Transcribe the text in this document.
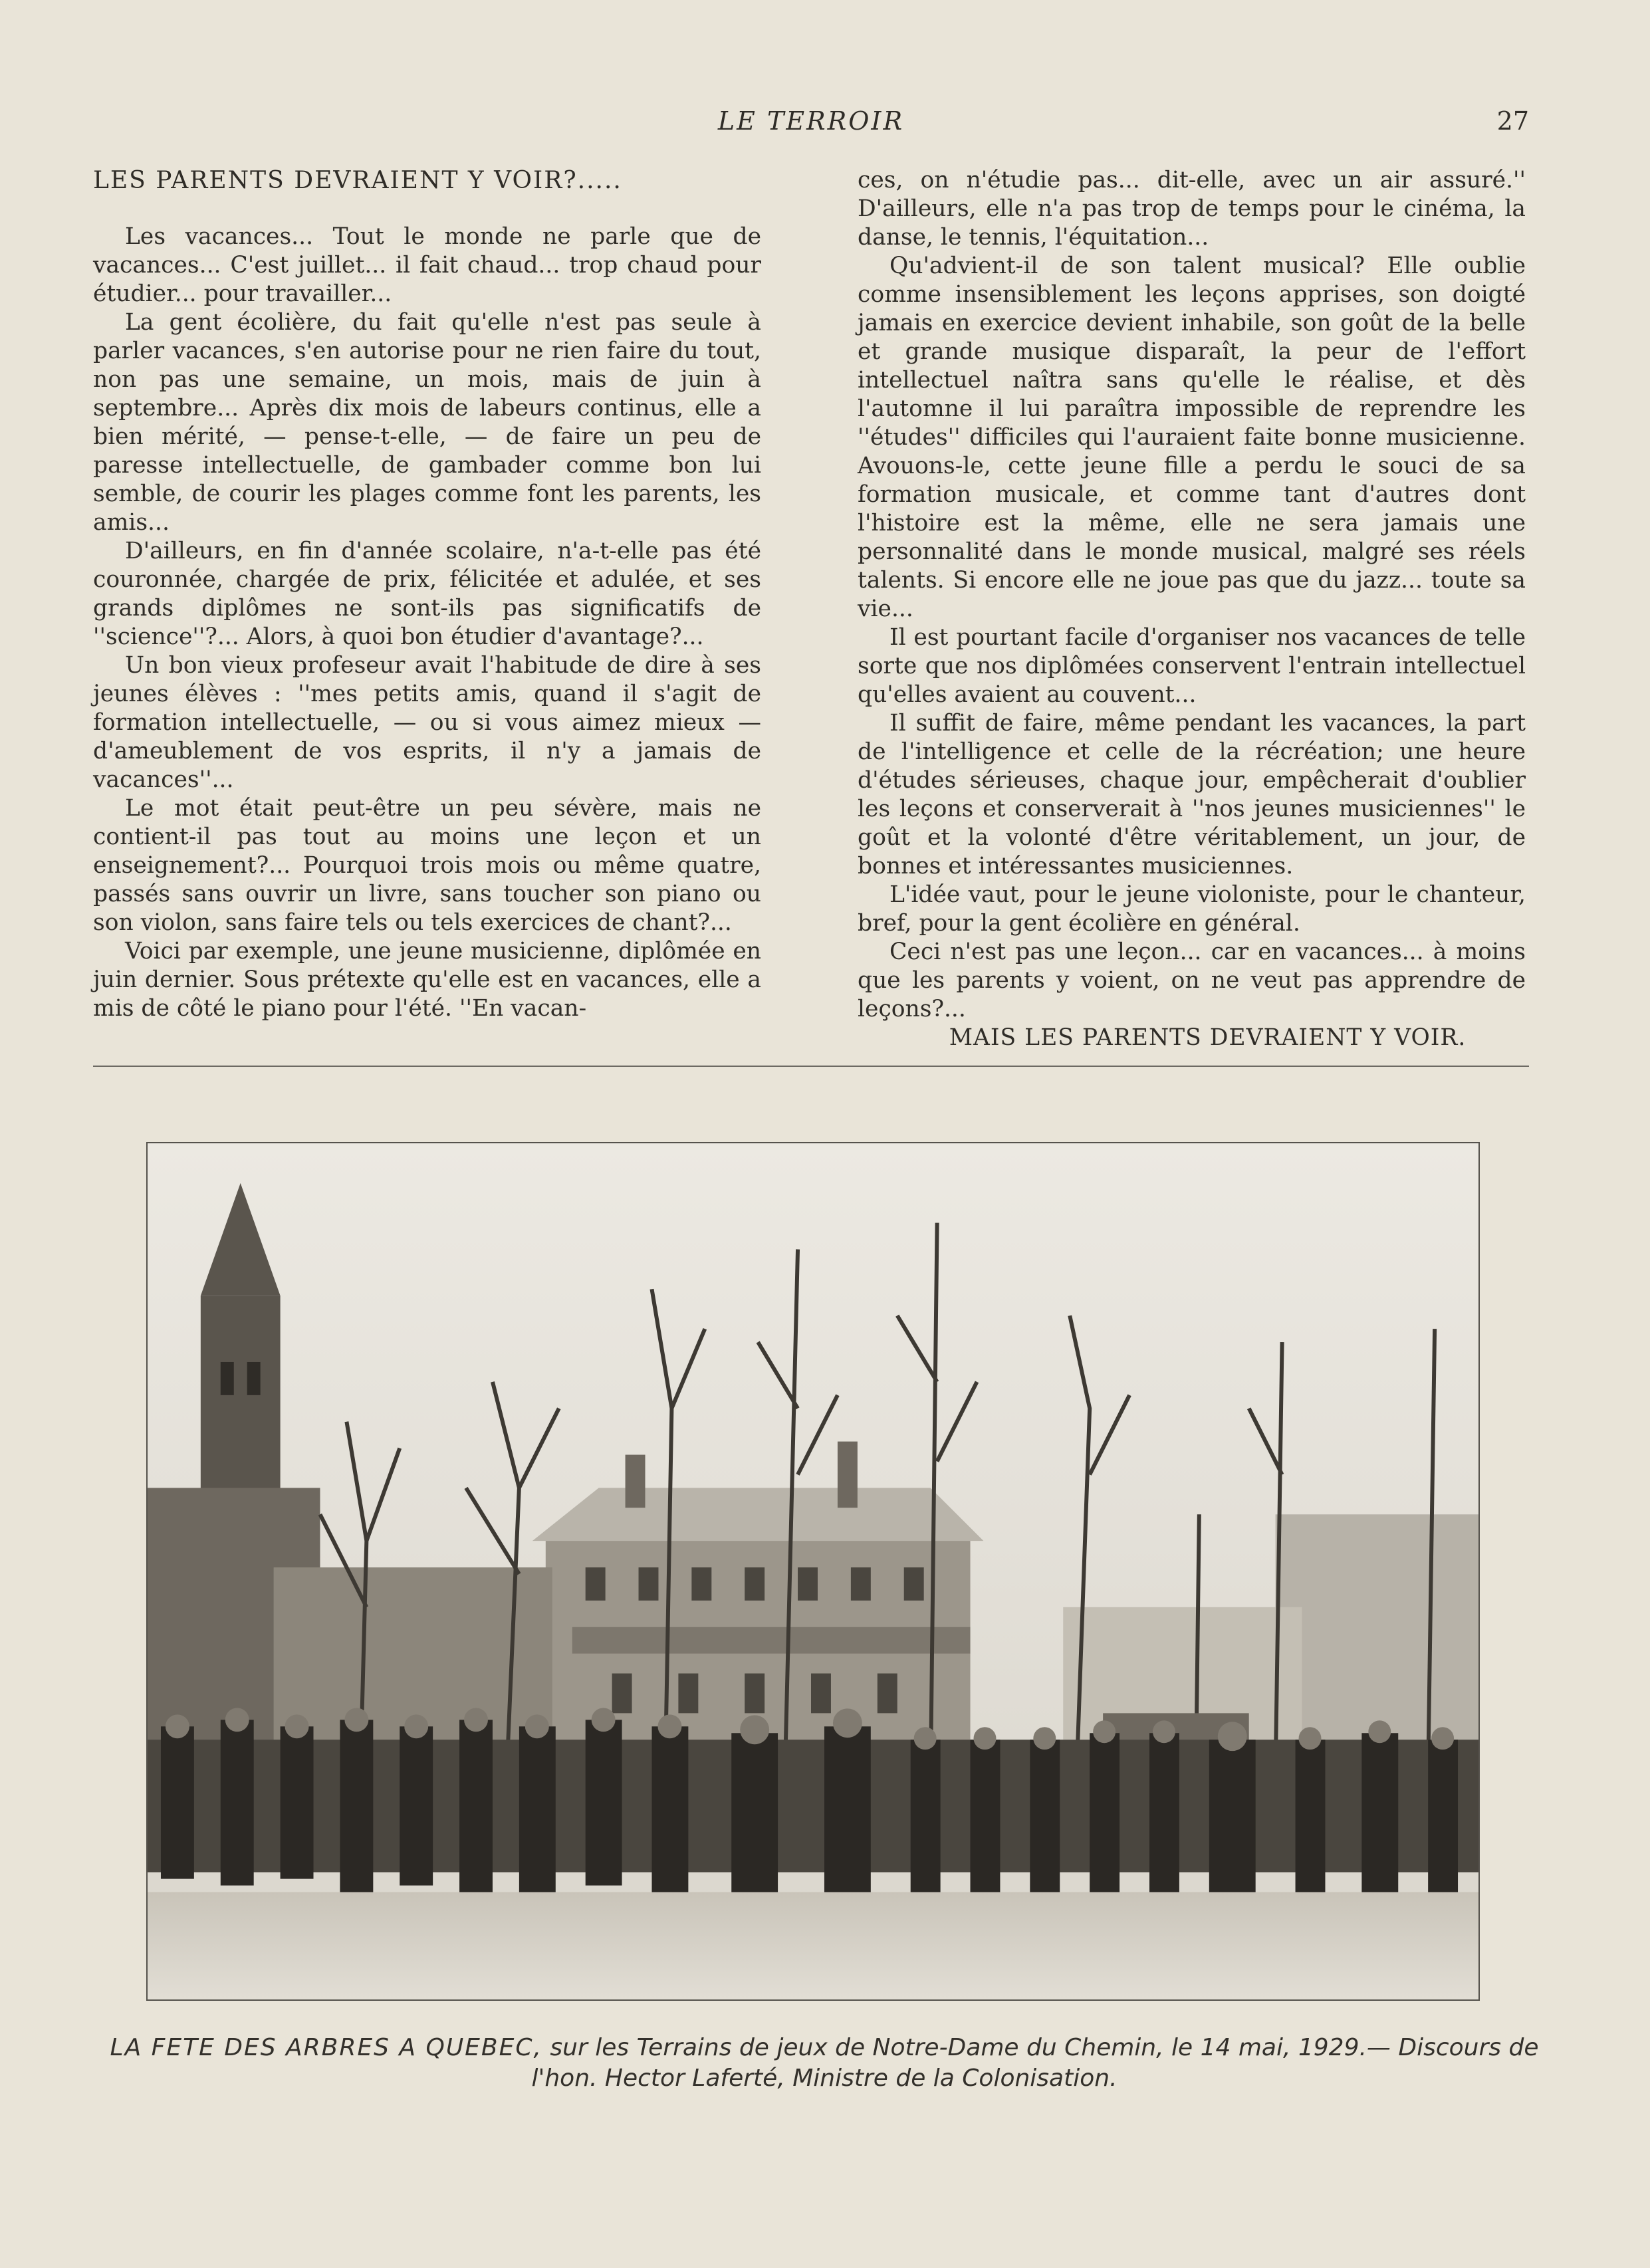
LE TERROIR	27
LES PARENTS DEVRAIENT Y VOIR?.....

Les vacances... Tout le monde ne parle que de vacances... C'est juillet... il fait chaud... trop chaud pour étudier... pour travailler...

La gent écolière, du fait qu'elle n'est pas seule à parler vacances, s'en autorise pour ne rien faire du tout, non pas une semaine, un mois, mais de juin à septembre... Après dix mois de labeurs continus, elle a bien mérité, — pense-t-elle, — de faire un peu de paresse intellectuelle, de gambader comme bon lui semble, de courir les plages comme font les parents, les amis...

D'ailleurs, en fin d'année scolaire, n'a-t-elle pas été couronnée, chargée de prix, félicitée et adulée, et ses grands diplômes ne sont-ils pas significatifs de ''science''?... Alors, à quoi bon étudier d'avantage?...

Un bon vieux profeseur avait l'habitude de dire à ses jeunes élèves : ''mes petits amis, quand il s'agit de formation intellectuelle, — ou si vous aimez mieux — d'ameublement de vos esprits, il n'y a jamais de vacances''...

Le mot était peut-être un peu sévère, mais ne contient-il pas tout au moins une leçon et un enseignement?... Pourquoi trois mois ou même quatre, passés sans ouvrir un livre, sans toucher son piano ou son violon, sans faire tels ou tels exercices de chant?...

Voici par exemple, une jeune musicienne, diplômée en juin dernier. Sous prétexte qu'elle est en vacances, elle a mis de côté le piano pour l'été. ''En vacan-

ces, on n'étudie pas... dit-elle, avec un air assuré.'' D'ailleurs, elle n'a pas trop de temps pour le cinéma, la danse, le tennis, l'équitation...

Qu'advient-il de son talent musical? Elle oublie comme insensiblement les leçons apprises, son doigté jamais en exercice devient inhabile, son goût de la belle et grande musique disparaît, la peur de l'effort intellectuel naîtra sans qu'elle le réalise, et dès l'automne il lui paraîtra impossible de reprendre les ''études'' difficiles qui l'auraient faite bonne musicienne. Avouons-le, cette jeune fille a perdu le souci de sa formation musicale, et comme tant d'autres dont l'histoire est la même, elle ne sera jamais une personnalité dans le monde musical, malgré ses réels talents. Si encore elle ne joue pas que du jazz... toute sa vie...

Il est pourtant facile d'organiser nos vacances de telle sorte que nos diplômées conservent l'entrain intellectuel qu'elles avaient au couvent...

Il suffit de faire, même pendant les vacances, la part de l'intelligence et celle de la récréation; une heure d'études sérieuses, chaque jour, empêcherait d'oublier les leçons et conserverait à ''nos jeunes musiciennes'' le goût et la volonté d'être véritablement, un jour, de bonnes et intéressantes musiciennes.

L'idée vaut, pour le jeune violoniste, pour le chanteur, bref, pour la gent écolière en général.

Ceci n'est pas une leçon... car en vacances... à moins que les parents y voient, on ne veut pas apprendre de leçons?...

MAIS LES PARENTS DEVRAIENT Y VOIR.

LA FETE DES ARBRES A QUEBEC, sur les Terrains de jeux de Notre-Dame du Chemin, le 14 mai, 1929.— Discours de l'hon. Hector Laferté, Ministre de la Colonisation.
